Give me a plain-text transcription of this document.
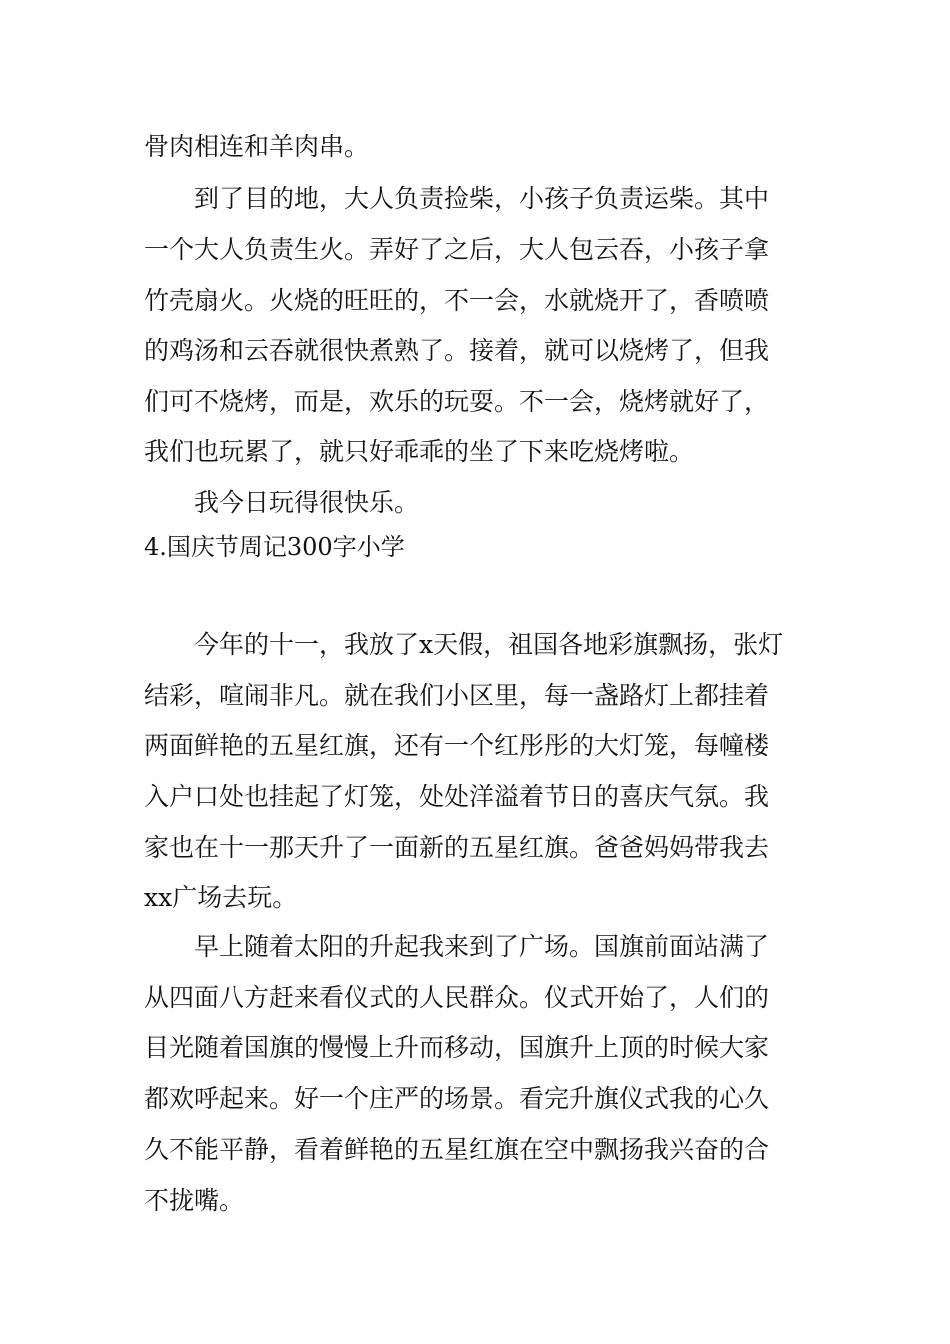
骨肉相连和羊肉串。
　　到了目的地，大人负责捡柴，小孩子负责运柴。其中
一个大人负责生火。弄好了之后，大人包云吞，小孩子拿
竹壳扇火。火烧的旺旺的，不一会，水就烧开了，香喷喷
的鸡汤和云吞就很快煮熟了。接着，就可以烧烤了，但我
们可不烧烤，而是，欢乐的玩耍。不一会，烧烤就好了，
我们也玩累了，就只好乖乖的坐了下来吃烧烤啦。
　　我今日玩得很快乐。
4.国庆节周记300字小学
　　今年的十一，我放了x天假，祖国各地彩旗飘扬，张灯
结彩，喧闹非凡。就在我们小区里，每一盏路灯上都挂着
两面鲜艳的五星红旗，还有一个红彤彤的大灯笼，每幢楼
入户口处也挂起了灯笼，处处洋溢着节日的喜庆气氛。我
家也在十一那天升了一面新的五星红旗。爸爸妈妈带我去
xx广场去玩。
　　早上随着太阳的升起我来到了广场。国旗前面站满了
从四面八方赶来看仪式的人民群众。仪式开始了，人们的
目光随着国旗的慢慢上升而移动，国旗升上顶的时候大家
都欢呼起来。好一个庄严的场景。看完升旗仪式我的心久
久不能平静，看着鲜艳的五星红旗在空中飘扬我兴奋的合
不拢嘴。
